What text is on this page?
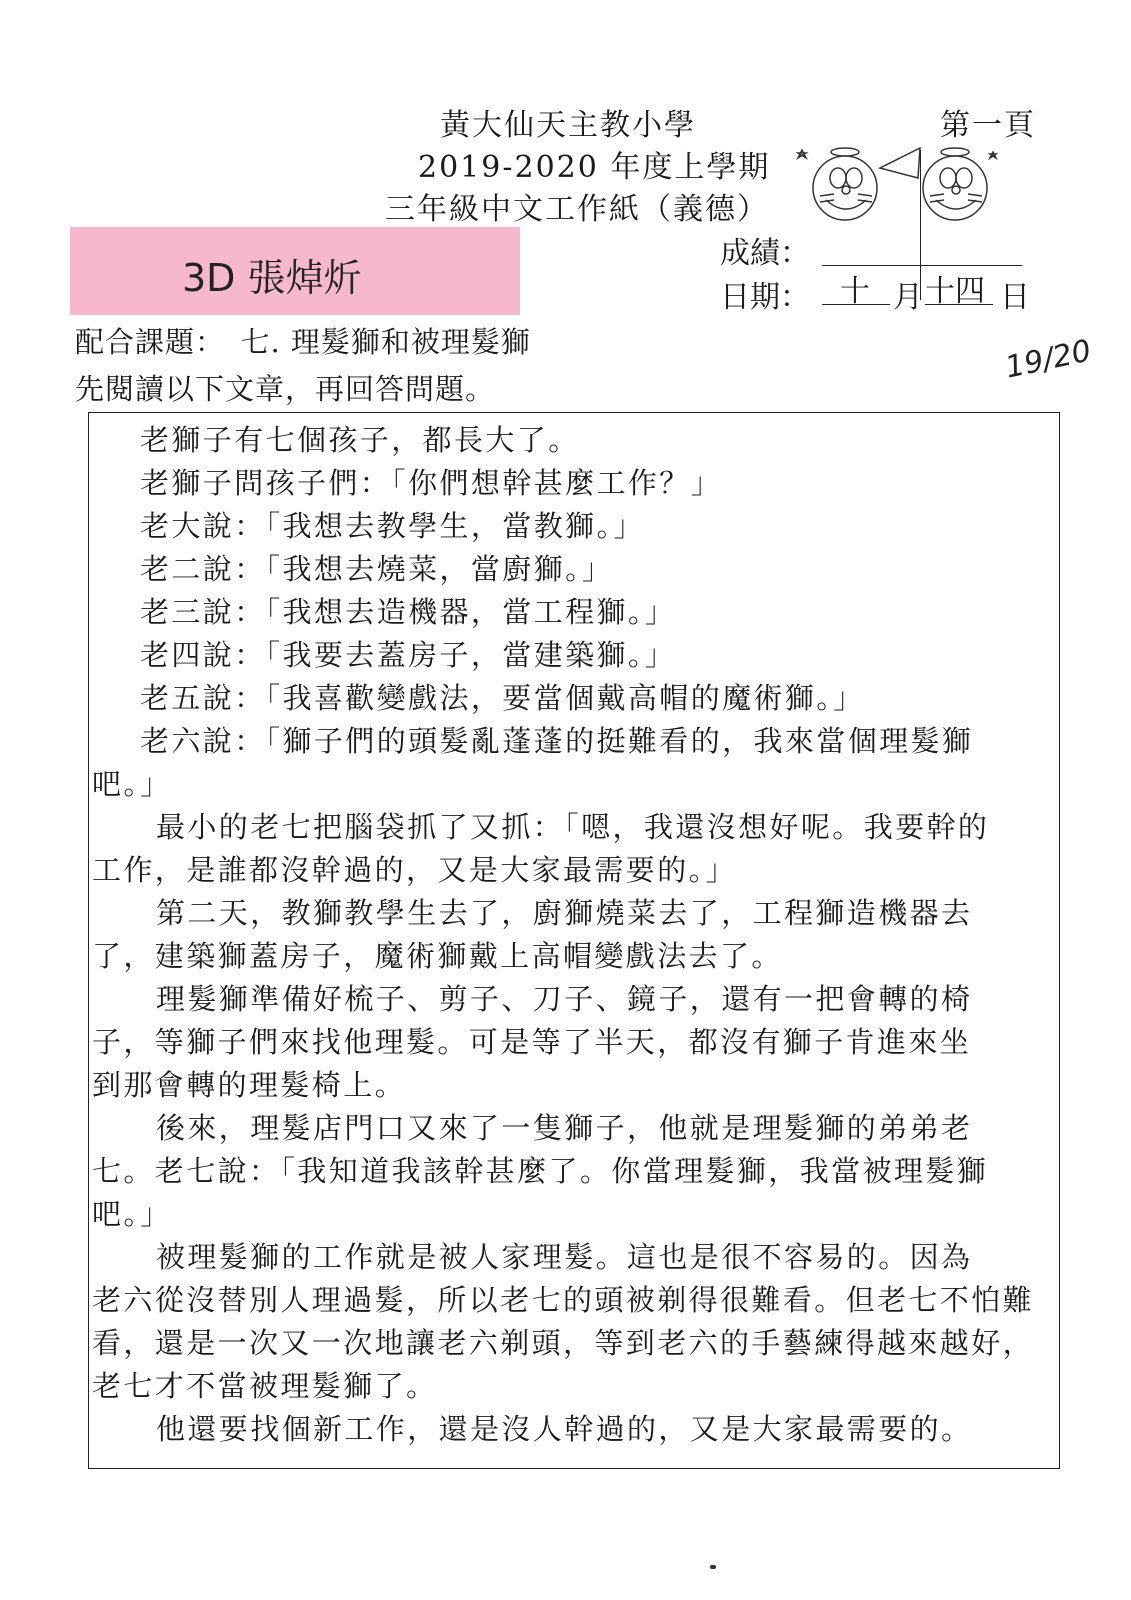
黃大仙天主教小學
2019-2020 年度上學期
三年級中文工作紙（義德）
第一頁
3D 張焯炘
成績：
日期： 十 月 十四 日
配合課題：　七. 理髮獅和被理髮獅
先閱讀以下文章，再回答問題。
19/20
老獅子有七個孩子，都長大了。
老獅子問孩子們：「你們想幹甚麼工作？」
老大說：「我想去教學生，當教獅。」
老二說：「我想去燒菜，當廚獅。」
老三說：「我想去造機器，當工程獅。」
老四說：「我要去蓋房子，當建築獅。」
老五說：「我喜歡變戲法，要當個戴高帽的魔術獅。」
老六說：「獅子們的頭髮亂蓬蓬的挺難看的，我來當個理髮獅
吧。」
最小的老七把腦袋抓了又抓：「嗯，我還沒想好呢。我要幹的
工作，是誰都沒幹過的，又是大家最需要的。」
第二天，教獅教學生去了，廚獅燒菜去了，工程獅造機器去
了，建築獅蓋房子，魔術獅戴上高帽變戲法去了。
理髮獅準備好梳子、剪子、刀子、鏡子，還有一把會轉的椅
子，等獅子們來找他理髮。可是等了半天，都沒有獅子肯進來坐
到那會轉的理髮椅上。
後來，理髮店門口又來了一隻獅子，他就是理髮獅的弟弟老
七。老七說：「我知道我該幹甚麼了。你當理髮獅，我當被理髮獅
吧。」
被理髮獅的工作就是被人家理髮。這也是很不容易的。因為
老六從沒替別人理過髮，所以老七的頭被剃得很難看。但老七不怕難
看，還是一次又一次地讓老六剃頭，等到老六的手藝練得越來越好，
老七才不當被理髮獅了。
他還要找個新工作，還是沒人幹過的，又是大家最需要的。
